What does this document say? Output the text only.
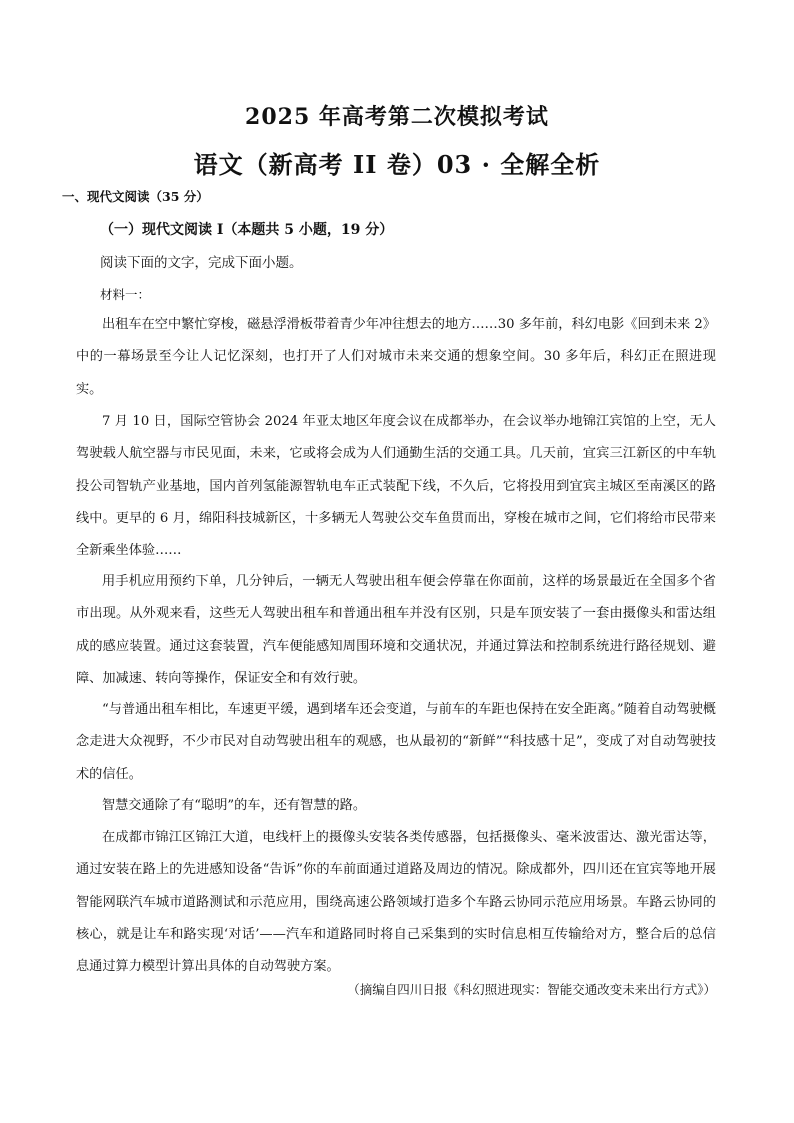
2025 年高考第二次模拟考试
语文（新高考 II 卷）03 · 全解全析
一、现代文阅读（35 分）
（一）现代文阅读 I（本题共 5 小题，19 分）
阅读下面的文字，完成下面小题。
材料一：

出租车在空中繁忙穿梭，磁悬浮滑板带着青少年冲往想去的地方……30 多年前，科幻电影《回到未来 2》中的一幕场景至今让人记忆深刻，也打开了人们对城市未来交通的想象空间。30 多年后，科幻正在照进现实。

7 月 10 日，国际空管协会 2024 年亚太地区年度会议在成都举办，在会议举办地锦江宾馆的上空，无人驾驶载人航空器与市民见面，未来，它或将会成为人们通勤生活的交通工具。几天前，宜宾三江新区的中车轨投公司智轨产业基地，国内首列氢能源智轨电车正式装配下线，不久后，它将投用到宜宾主城区至南溪区的路线中。更早的 6 月，绵阳科技城新区，十多辆无人驾驶公交车鱼贯而出，穿梭在城市之间，它们将给市民带来全新乘坐体验……

用手机应用预约下单，几分钟后，一辆无人驾驶出租车便会停靠在你面前，这样的场景最近在全国多个省市出现。从外观来看，这些无人驾驶出租车和普通出租车并没有区别，只是车顶安装了一套由摄像头和雷达组成的感应装置。通过这套装置，汽车便能感知周围环境和交通状况，并通过算法和控制系统进行路径规划、避障、加减速、转向等操作，保证安全和有效行驶。

“与普通出租车相比，车速更平缓，遇到堵车还会变道，与前车的车距也保持在安全距离。”随着自动驾驶概念走进大众视野，不少市民对自动驾驶出租车的观感，也从最初的“新鲜”“科技感十足”，变成了对自动驾驶技术的信任。

智慧交通除了有“聪明”的车，还有智慧的路。

在成都市锦江区锦江大道，电线杆上的摄像头安装各类传感器，包括摄像头、毫米波雷达、激光雷达等，通过安装在路上的先进感知设备“告诉”你的车前面通过道路及周边的情况。除成都外，四川还在宜宾等地开展智能网联汽车城市道路测试和示范应用，围绕高速公路领域打造多个车路云协同示范应用场景。车路云协同的核心，就是让车和路实现‘对话’——汽车和道路同时将自己采集到的实时信息相互传输给对方，整合后的总信息通过算力模型计算出具体的自动驾驶方案。

（摘编自四川日报《科幻照进现实：智能交通改变未来出行方式》）
